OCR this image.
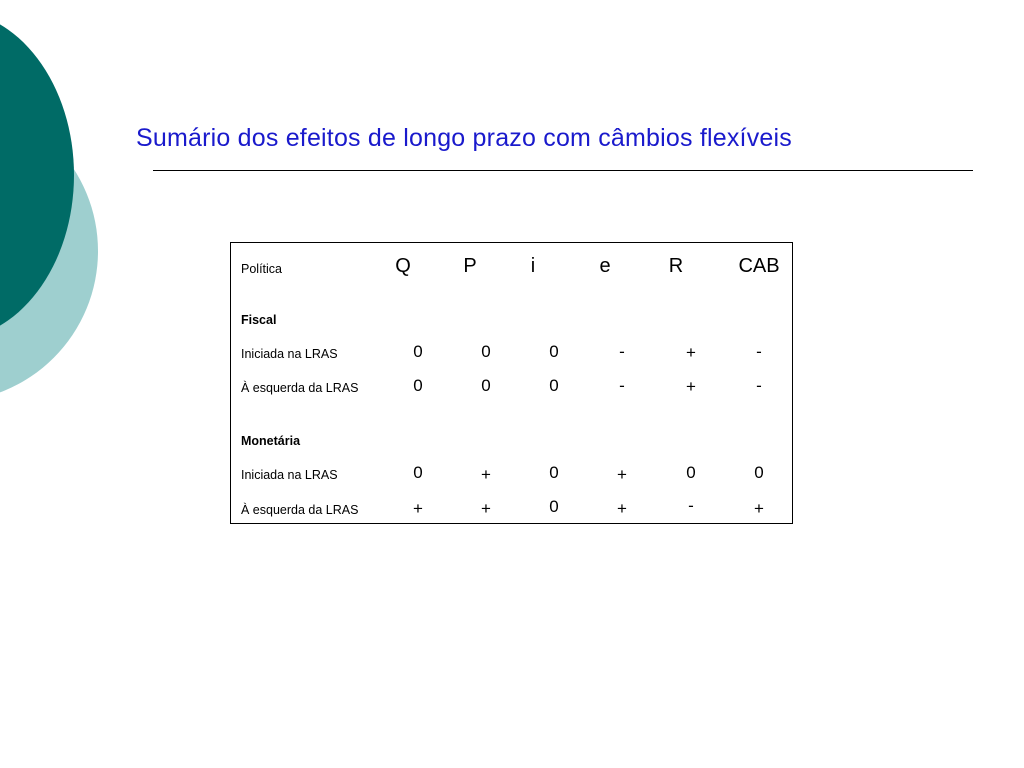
Sumário dos efeitos de longo prazo com câmbios flexíveis
Política	Q	P	i	e	R	CAB
Fiscal
Iniciada na LRAS	0	0	0	-	+	-
À esquerda da LRAS	0	0	0	-	+	-
Monetária
Iniciada na LRAS	0	+	0	+	0	0
À esquerda da LRAS	+	+	0	+	-	+
